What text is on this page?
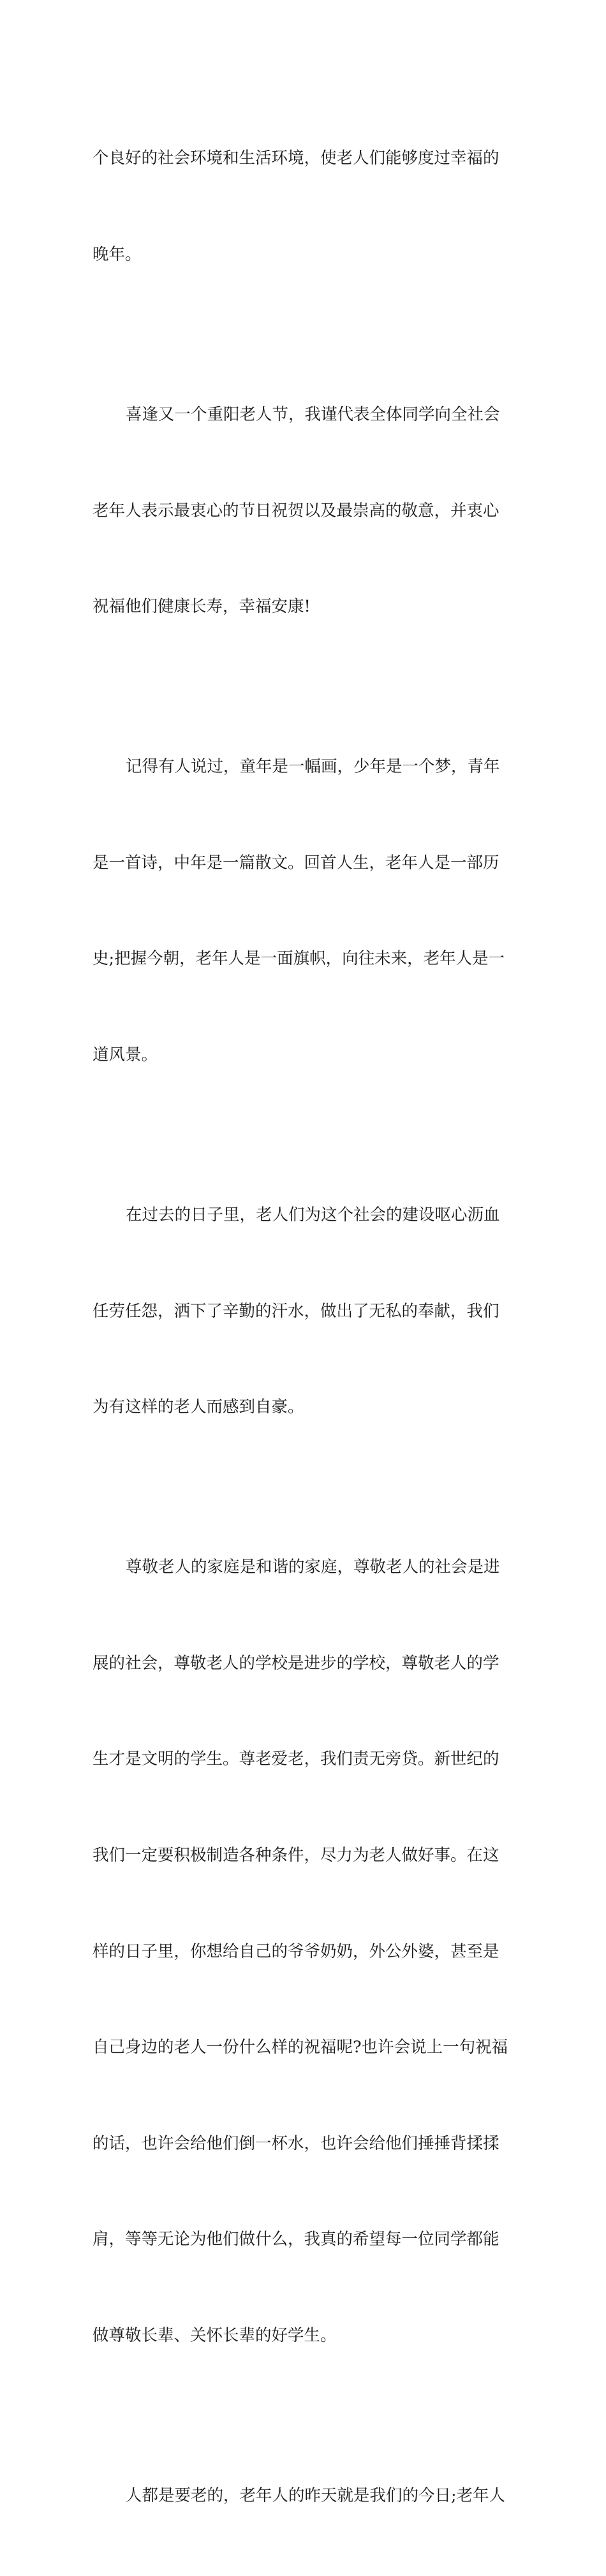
个良好的社会环境和生活环境，使老人们能够度过幸福的

晚年。

喜逢又一个重阳老人节，我谨代表全体同学向全社会

老年人表示最衷心的节日祝贺以及最崇高的敬意，并衷心

祝福他们健康长寿，幸福安康!

记得有人说过，童年是一幅画，少年是一个梦，青年

是一首诗，中年是一篇散文。回首人生，老年人是一部历

史;把握今朝，老年人是一面旗帜，向往未来，老年人是一

道风景。

在过去的日子里，老人们为这个社会的建设呕心沥血

任劳任怨，洒下了辛勤的汗水，做出了无私的奉献，我们

为有这样的老人而感到自豪。

尊敬老人的家庭是和谐的家庭，尊敬老人的社会是进

展的社会，尊敬老人的学校是进步的学校，尊敬老人的学

生才是文明的学生。尊老爱老，我们责无旁贷。新世纪的

我们一定要积极制造各种条件，尽力为老人做好事。在这

样的日子里，你想给自己的爷爷奶奶，外公外婆，甚至是

自己身边的老人一份什么样的祝福呢?也许会说上一句祝福

的话，也许会给他们倒一杯水，也许会给他们捶捶背揉揉

肩，等等无论为他们做什么，我真的希望每一位同学都能

做尊敬长辈、关怀长辈的好学生。

人都是要老的，老年人的昨天就是我们的今日;老年人
